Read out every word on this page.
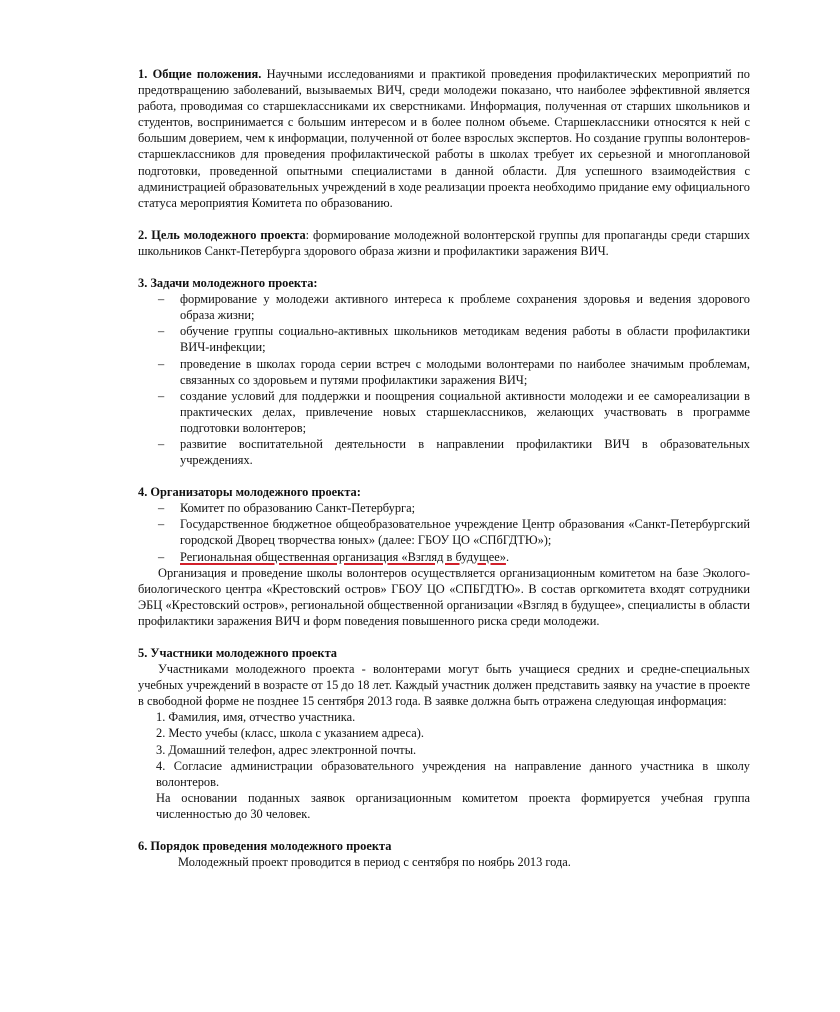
1. Общие положения. Научными исследованиями и практикой проведения профилактических мероприятий по предотвращению заболеваний, вызываемых ВИЧ, среди молодежи показано, что наиболее эффективной является работа, проводимая со старшеклассниками их сверстниками. Информация, полученная от старших школьников и студентов, воспринимается с большим интересом и в более полном объеме. Старшеклассники относятся к ней с большим доверием, чем к информации, полученной от более взрослых экспертов. Но создание группы волонтеров-старшеклассников для проведения профилактической работы в школах требует их серьезной и многоплановой подготовки, проведенной опытными специалистами в данной области. Для успешного взаимодействия с администрацией образовательных учреждений в ходе реализации проекта необходимо придание ему официального статуса мероприятия Комитета по образованию.

2. Цель молодежного проекта: формирование молодежной волонтерской группы для пропаганды среди старших школьников Санкт-Петербурга здорового образа жизни и профилактики заражения ВИЧ.

3. Задачи молодежного проекта:
– формирование у молодежи активного интереса к проблеме сохранения здоровья и ведения здорового образа жизни;
– обучение группы социально-активных школьников методикам ведения работы в области профилактики ВИЧ-инфекции;
– проведение в школах города серии встреч с молодыми волонтерами по наиболее значимым проблемам, связанных со здоровьем и путями профилактики заражения ВИЧ;
– создание условий для поддержки и поощрения социальной активности молодежи и ее самореализации в практических делах, привлечение новых старшеклассников, желающих участвовать в программе подготовки волонтеров;
– развитие воспитательной деятельности в направлении профилактики ВИЧ в образовательных учреждениях.
4. Организаторы молодежного проекта:
– Комитет по образованию Санкт-Петербурга;
– Государственное бюджетное общеобразовательное учреждение Центр образования «Санкт-Петербургский городской Дворец творчества юных» (далее: ГБОУ ЦО «СПбГДТЮ»);
– Региональная общественная организация «Взгляд в будущее».

Организация и проведение школы волонтеров осуществляется организационным комитетом на базе Эколого-биологического центра «Крестовский остров» ГБОУ ЦО «СПБГДТЮ». В состав оргкомитета входят сотрудники ЭБЦ «Крестовский остров», региональной общественной организации «Взгляд в будущее», специалисты в области профилактики заражения ВИЧ и форм поведения повышенного риска среди молодежи.

5. Участники молодежного проекта

Участниками молодежного проекта - волонтерами могут быть учащиеся средних и средне-специальных учебных учреждений в возрасте от 15 до 18 лет. Каждый участник должен представить заявку на участие в проекте в свободной форме не позднее 15 сентября 2013 года. В заявке должна быть отражена следующая информация:

1. Фамилия, имя, отчество участника.
2. Место учебы (класс, школа с указанием адреса).
3. Домашний телефон, адрес электронной почты.
4. Согласие администрации образовательного учреждения на направление данного участника в школу волонтеров.
На основании поданных заявок организационным комитетом проекта формируется учебная группа численностью до 30 человек.
6. Порядок проведения молодежного проекта

Молодежный проект проводится в период с сентября по ноябрь 2013 года.
